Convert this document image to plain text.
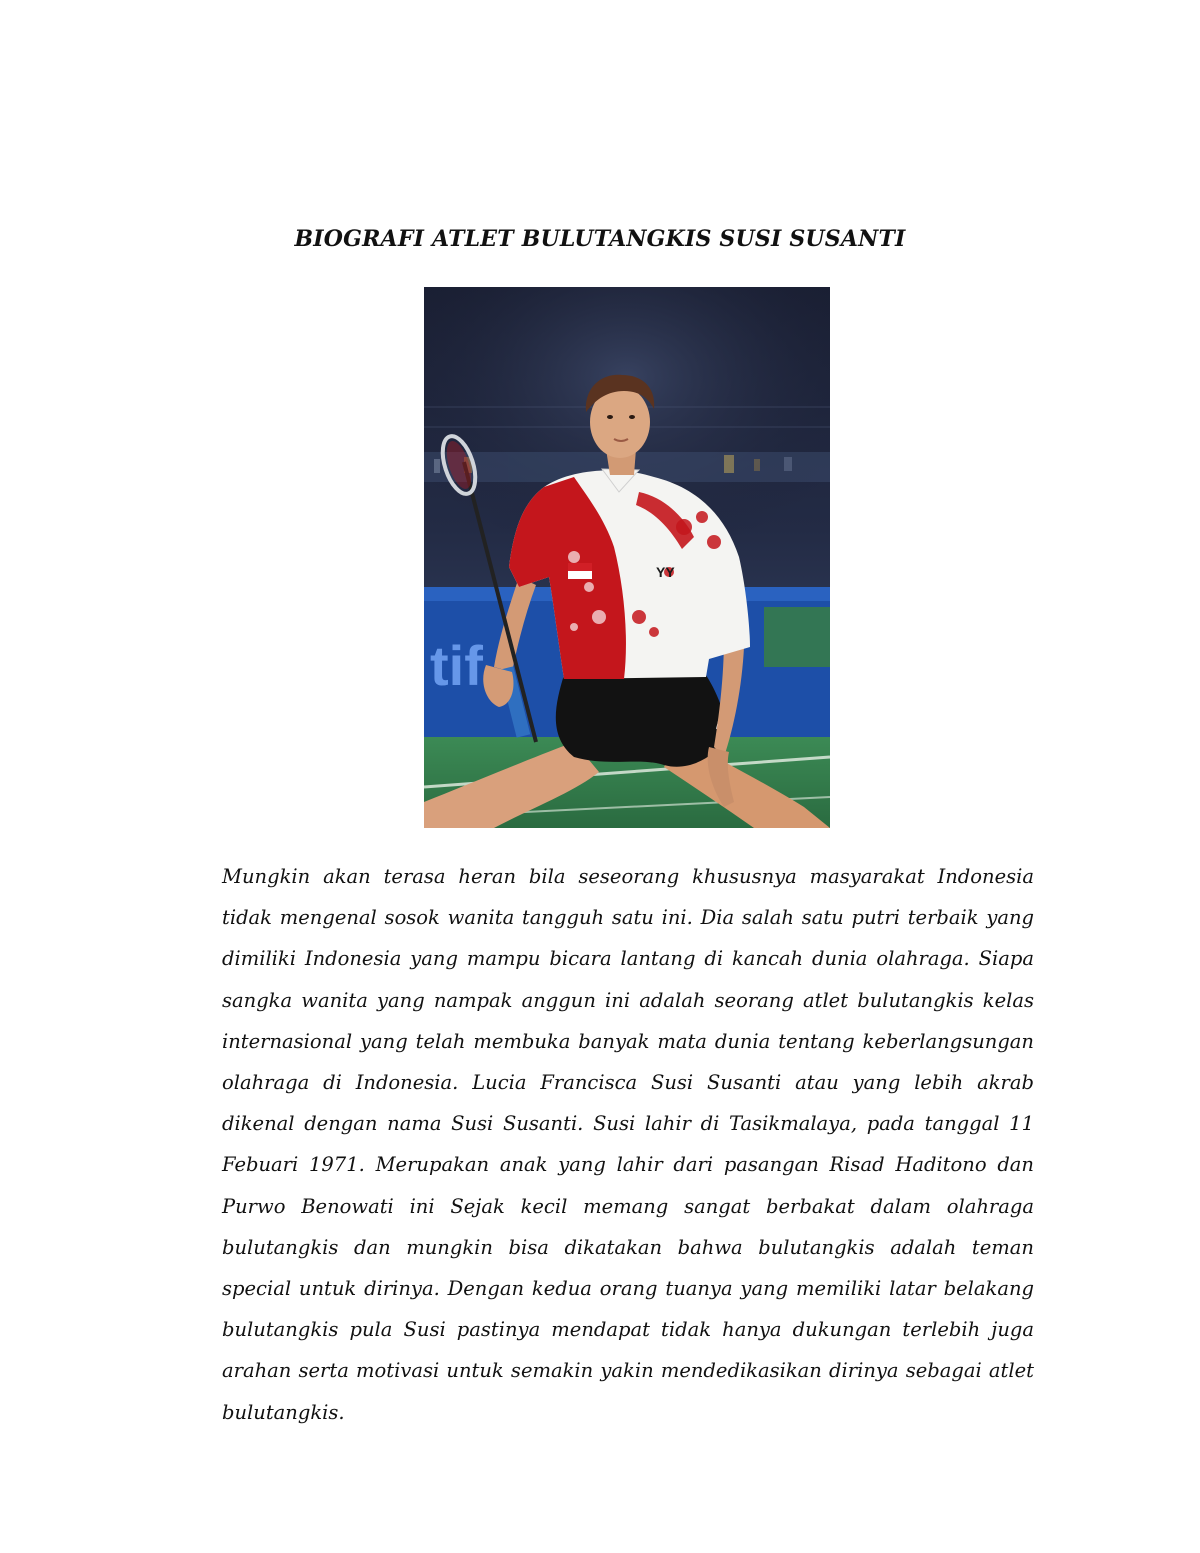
BIOGRAFI ATLET BULUTANGKIS SUSI SUSANTI
tif
YY

Mungkin akan terasa heran bila seseorang khususnya masyarakat Indonesia tidak mengenal sosok wanita tangguh satu ini. Dia salah satu putri terbaik yang dimiliki Indonesia yang mampu bicara lantang di kancah dunia olahraga. Siapa sangka wanita yang nampak anggun ini adalah seorang atlet bulutangkis kelas internasional yang telah membuka banyak mata dunia tentang keberlangsungan olahraga di Indonesia. Lucia Francisca Susi Susanti atau yang lebih akrab dikenal dengan nama Susi Susanti. Susi lahir di Tasikmalaya, pada tanggal 11 Febuari 1971. Merupakan anak yang lahir dari pasangan Risad Haditono dan Purwo Benowati ini Sejak kecil memang sangat berbakat dalam olahraga bulutangkis dan mungkin bisa dikatakan bahwa bulutangkis adalah teman special untuk dirinya. Dengan kedua orang tuanya yang memiliki latar belakang bulutangkis pula Susi pastinya mendapat tidak hanya dukungan terlebih juga arahan serta motivasi untuk semakin yakin mendedikasikan dirinya sebagai atlet bulutangkis.
